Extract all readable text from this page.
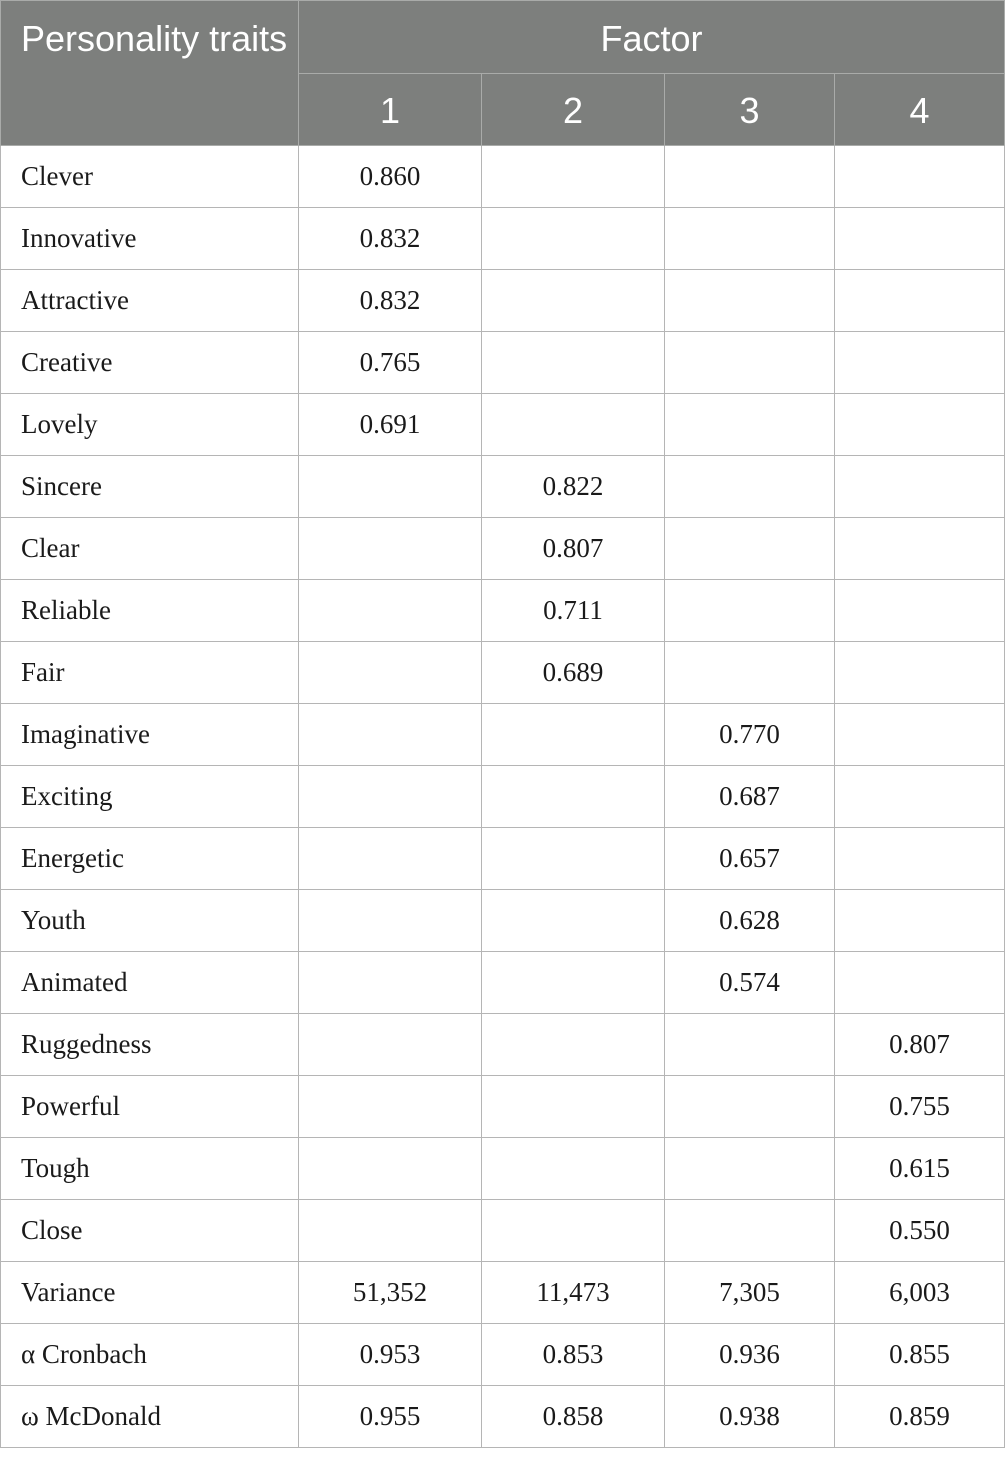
Personality traits	Factor			
	1	2	3	4
Clever	0.860			
Innovative	0.832			
Attractive	0.832			
Creative	0.765			
Lovely	0.691			
Sincere		0.822		
Clear		0.807		
Reliable		0.711		
Fair		0.689		
Imaginative			0.770	
Exciting			0.687	
Energetic			0.657	
Youth			0.628	
Animated			0.574	
Ruggedness				0.807
Powerful				0.755
Tough				0.615
Close				0.550
Variance	51,352	11,473	7,305	6,003
α Cronbach	0.953	0.853	0.936	0.855
ω McDonald	0.955	0.858	0.938	0.859
